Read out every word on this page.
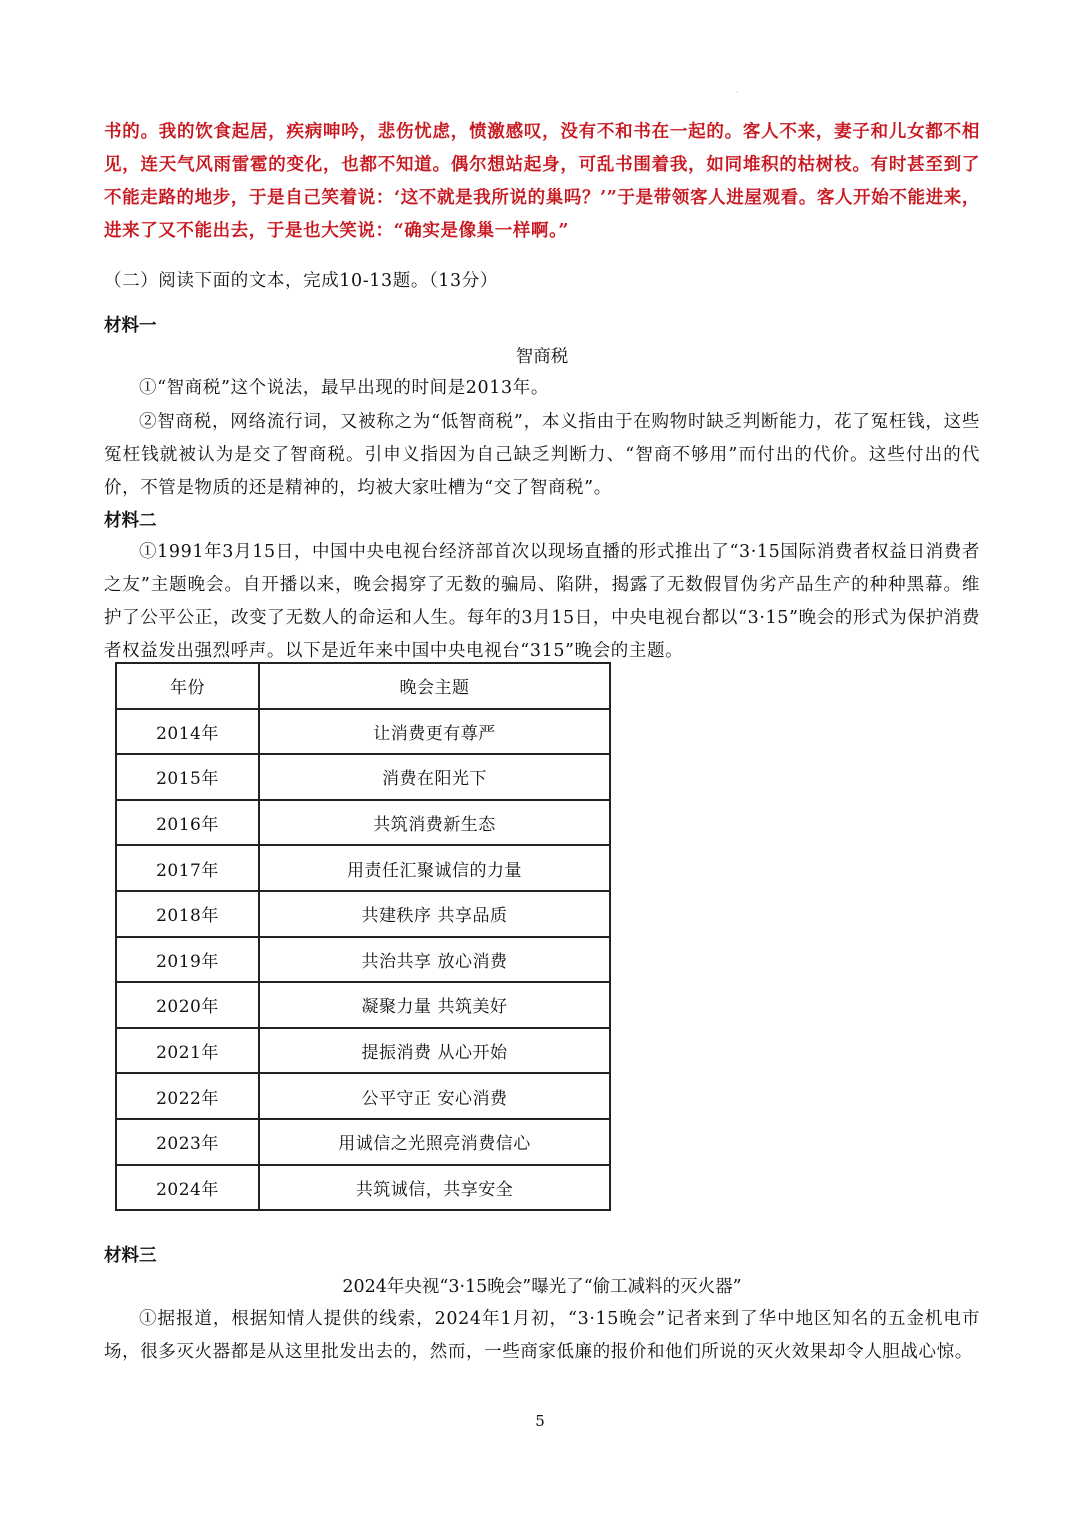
·

书的。我的饮食起居，疾病呻吟，悲伤忧虑，愤激感叹，没有不和书在一起的。客人不来，妻子和儿女都不相见，连天气风雨雷雹的变化，也都不知道。偶尔想站起身，可乱书围着我，如同堆积的枯树枝。有时甚至到了不能走路的地步，于是自己笑着说：‘这不就是我所说的巢吗？’”于是带领客人进屋观看。客人开始不能进来，进来了又不能出去，于是也大笑说：“确实是像巢一样啊。”

（二）阅读下面的文本，完成10-13题。（13分）

材料一

智商税

①“智商税”这个说法，最早出现的时间是2013年。

②智商税，网络流行词，又被称之为“低智商税”，本义指由于在购物时缺乏判断能力，花了冤枉钱，这些冤枉钱就被认为是交了智商税。引申义指因为自己缺乏判断力、“智商不够用”而付出的代价。这些付出的代价，不管是物质的还是精神的，均被大家吐槽为“交了智商税”。

材料二

①1991年3月15日，中国中央电视台经济部首次以现场直播的形式推出了“3·15国际消费者权益日消费者之友”主题晚会。自开播以来，晚会揭穿了无数的骗局、陷阱，揭露了无数假冒伪劣产品生产的种种黑幕。维护了公平公正，改变了无数人的命运和人生。每年的3月15日，中央电视台都以“3·15”晚会的形式为保护消费者权益发出强烈呼声。以下是近年来中国中央电视台“315”晚会的主题。

年份	晚会主题
2014年	让消费更有尊严
2015年	消费在阳光下
2016年	共筑消费新生态
2017年	用责任汇聚诚信的力量
2018年	共建秩序 共享品质
2019年	共治共享 放心消费
2020年	凝聚力量 共筑美好
2021年	提振消费 从心开始
2022年	公平守正 安心消费
2023年	用诚信之光照亮消费信心
2024年	共筑诚信，共享安全

材料三

2024年央视“3·15晚会”曝光了“偷工减料的灭火器”

①据报道，根据知情人提供的线索，2024年1月初，“3·15晚会”记者来到了华中地区知名的五金机电市场，很多灭火器都是从这里批发出去的，然而，一些商家低廉的报价和他们所说的灭火效果却令人胆战心惊。

5
